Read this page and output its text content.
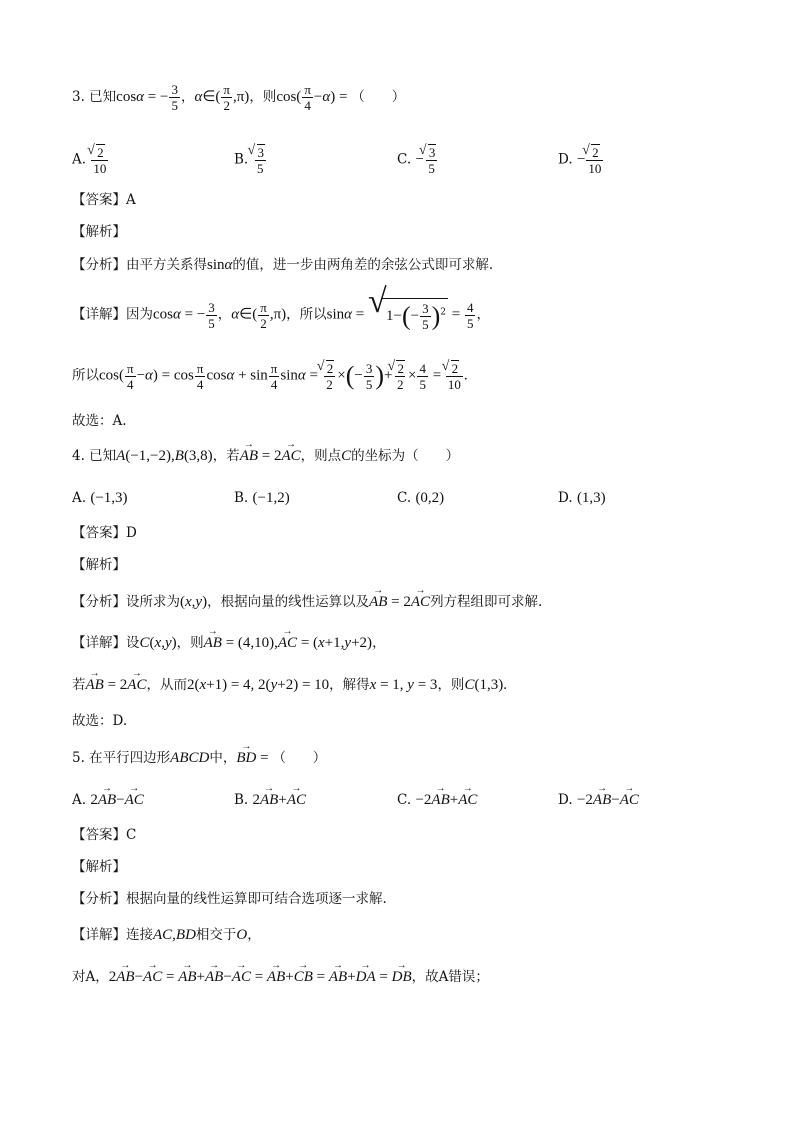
3. 已知cosα = − $\frac{3}{5}$ ，α∈( $\frac{\pi}{2} ,\pi$)，则$\cos( \frac{\pi}{4} -\alpha)$ = （　　）
A. √ $\frac{2}{10}$	B. √ $\frac{3}{5}$	C. − √ $\frac{3}{5}$	D. − √ $\frac{2}{10}$
【答案】A
【解析】
【分析】由平方关系得sinα的值，进一步由两角差的余弦公式即可求解.
【详解】因为cosα = − $\frac{3}{5}$ ，α∈( $\frac{\pi}{2} ,\pi$)，所以sinα = √ $1-(- \frac{3}{5} )^2 = \frac{4}{5}$ ，
所以$\cos( \frac{\pi}{4} -\alpha) = \cos \frac{\pi}{4}$ $\cos\alpha + \sin \frac{\pi}{4}$ sinα = √ $\frac{2}{2}$ ×(− $\frac{3}{5}$ )+ √ $\frac{2}{2} \times \frac{4}{5}$ = √ $\frac{2}{10}$ .
故选：A.
4. 已知A(−1,−2),B(3,8)，若→ AB = 2→ AC，则点C的坐标为（　　）
A. (−1,3)	B. (−1,2)	C. (0,2)	D. (1,3)
【答案】D
【解析】
【分析】设所求为(x,y)，根据向量的线性运算以及→ AB = 2→ AC列方程组即可求解.
【详解】设C(x,y)，则→ AB = (4,10),→ AC = (x+1,y+2)，
若→ AB = 2→ AC，从而2(x+1) = 4, 2(y+2) = 10，解得x = 1, y = 3，则C(1,3).
故选：D.
5. 在平行四边形ABCD中，→ BD = （　　）
A. 2→ AB−→ AC	B. 2→ AB+→ AC	C. −2→ AB+→ AC	D. −2→ AB−→ AC
【答案】C
【解析】
【分析】根据向量的线性运算即可结合选项逐一求解.
【详解】连接AC,BD相交于O，
对A，2→ AB−→ AC = → AB+→ AB−→ AC = → AB+→ CB = → AB+→ DA = → DB，故A错误；
